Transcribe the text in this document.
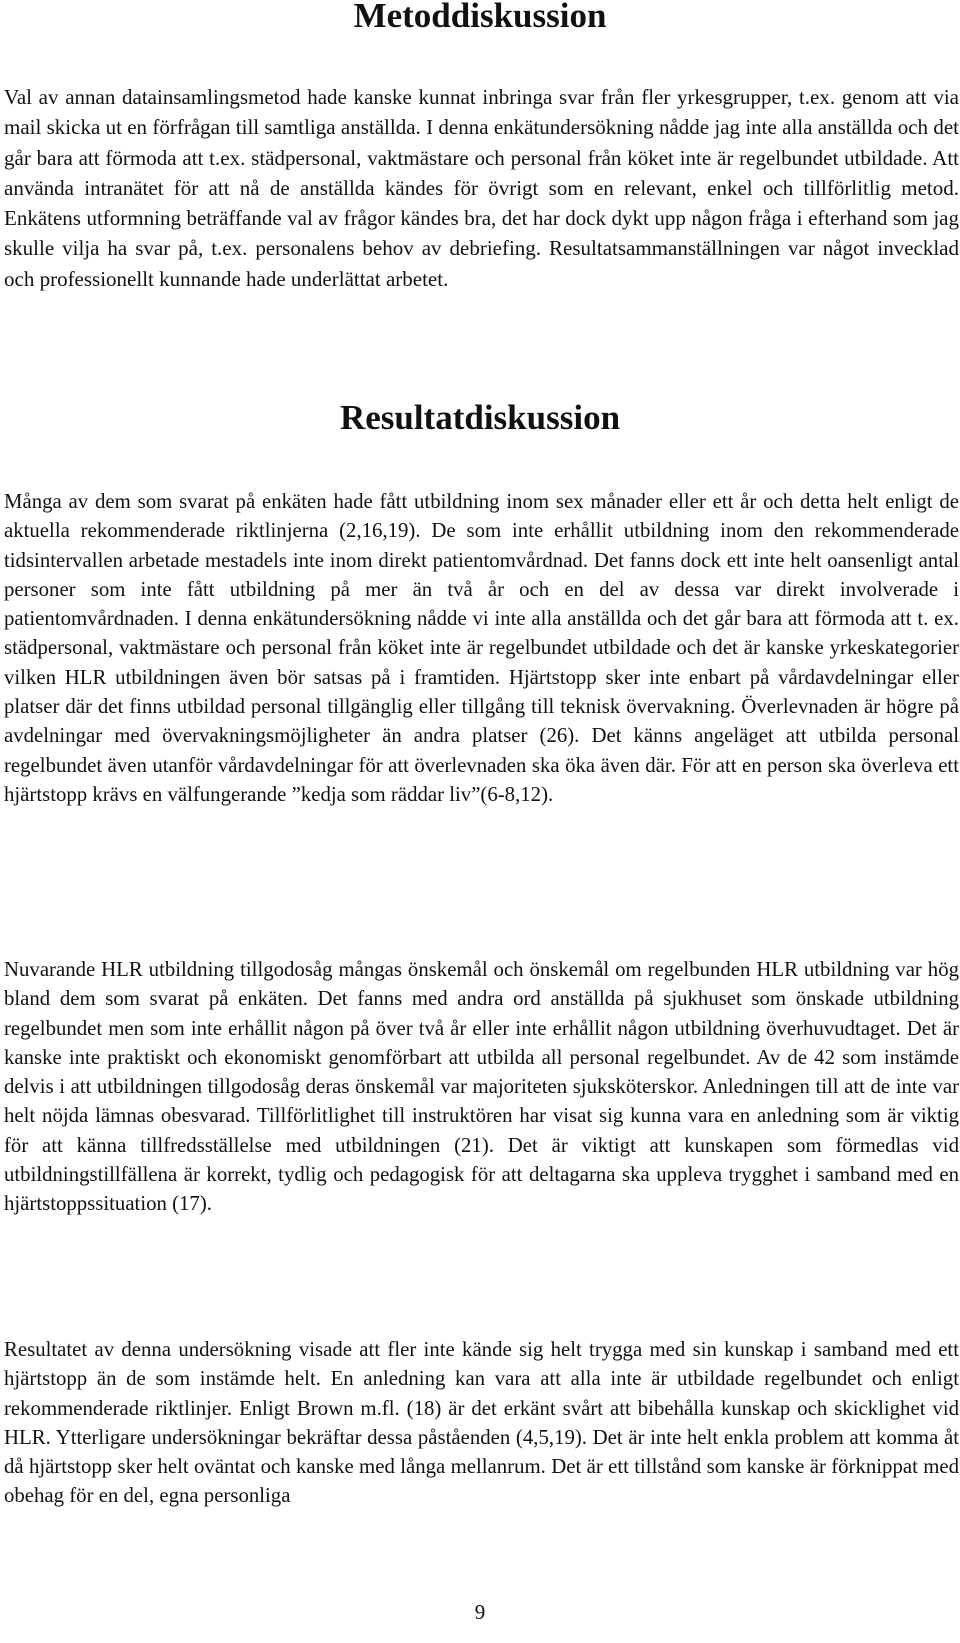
Metoddiskussion

Val av annan datainsamlingsmetod hade kanske kunnat inbringa svar från fler yrkesgrupper, t.ex. genom att via mail skicka ut en förfrågan till samtliga anställda. I denna enkätundersökning nådde jag inte alla anställda och det går bara att förmoda att t.ex. städpersonal, vaktmästare och personal från köket inte är regelbundet utbildade. Att använda intranätet för att nå de anställda kändes för övrigt som en relevant, enkel och tillförlitlig metod. Enkätens utformning beträffande val av frågor kändes bra, det har dock dykt upp någon fråga i efterhand som jag skulle vilja ha svar på, t.ex. personalens behov av debriefing. Resultatsammanställningen var något invecklad och professionellt kunnande hade underlättat arbetet.

Resultatdiskussion

Många av dem som svarat på enkäten hade fått utbildning inom sex månader eller ett år och detta helt enligt de aktuella rekommenderade riktlinjerna (2,16,19). De som inte erhållit utbildning inom den rekommenderade tidsintervallen arbetade mestadels inte inom direkt patientomvårdnad. Det fanns dock ett inte helt oansenligt antal personer som inte fått utbildning på mer än två år och en del av dessa var direkt involverade i patientomvårdnaden. I denna enkätundersökning nådde vi inte alla anställda och det går bara att förmoda att t. ex. städpersonal, vaktmästare och personal från köket inte är regelbundet utbildade och det är kanske yrkeskategorier vilken HLR utbildningen även bör satsas på i framtiden. Hjärtstopp sker inte enbart på vårdavdelningar eller platser där det finns utbildad personal tillgänglig eller tillgång till teknisk övervakning. Överlevnaden är högre på avdelningar med övervakningsmöjligheter än andra platser (26). Det känns angeläget att utbilda personal regelbundet även utanför vårdavdelningar för att överlevnaden ska öka även där. För att en person ska överleva ett hjärtstopp krävs en välfungerande ”kedja som räddar liv”(6-8,12).

Nuvarande HLR utbildning tillgodosåg mångas önskemål och önskemål om regelbunden HLR utbildning var hög bland dem som svarat på enkäten. Det fanns med andra ord anställda på sjukhuset som önskade utbildning regelbundet men som inte erhållit någon på över två år eller inte erhållit någon utbildning överhuvudtaget. Det är kanske inte praktiskt och ekonomiskt genomförbart att utbilda all personal regelbundet. Av de 42 som instämde delvis i att utbildningen tillgodosåg deras önskemål var majoriteten sjuksköterskor. Anledningen till att de inte var helt nöjda lämnas obesvarad. Tillförlitlighet till instruktören har visat sig kunna vara en anledning som är viktig för att känna tillfredsställelse med utbildningen (21). Det är viktigt att kunskapen som förmedlas vid utbildningstillfällena är korrekt, tydlig och pedagogisk för att deltagarna ska uppleva trygghet i samband med en hjärtstoppssituation (17).

Resultatet av denna undersökning visade att fler inte kände sig helt trygga med sin kunskap i samband med ett hjärtstopp än de som instämde helt. En anledning kan vara att alla inte är utbildade regelbundet och enligt rekommenderade riktlinjer. Enligt Brown m.fl. (18) är det erkänt svårt att bibehålla kunskap och skicklighet vid HLR. Ytterligare undersökningar bekräftar dessa påståenden (4,5,19). Det är inte helt enkla problem att komma åt då hjärtstopp sker helt oväntat och kanske med långa mellanrum. Det är ett tillstånd som kanske är förknippat med obehag för en del, egna personliga

9
